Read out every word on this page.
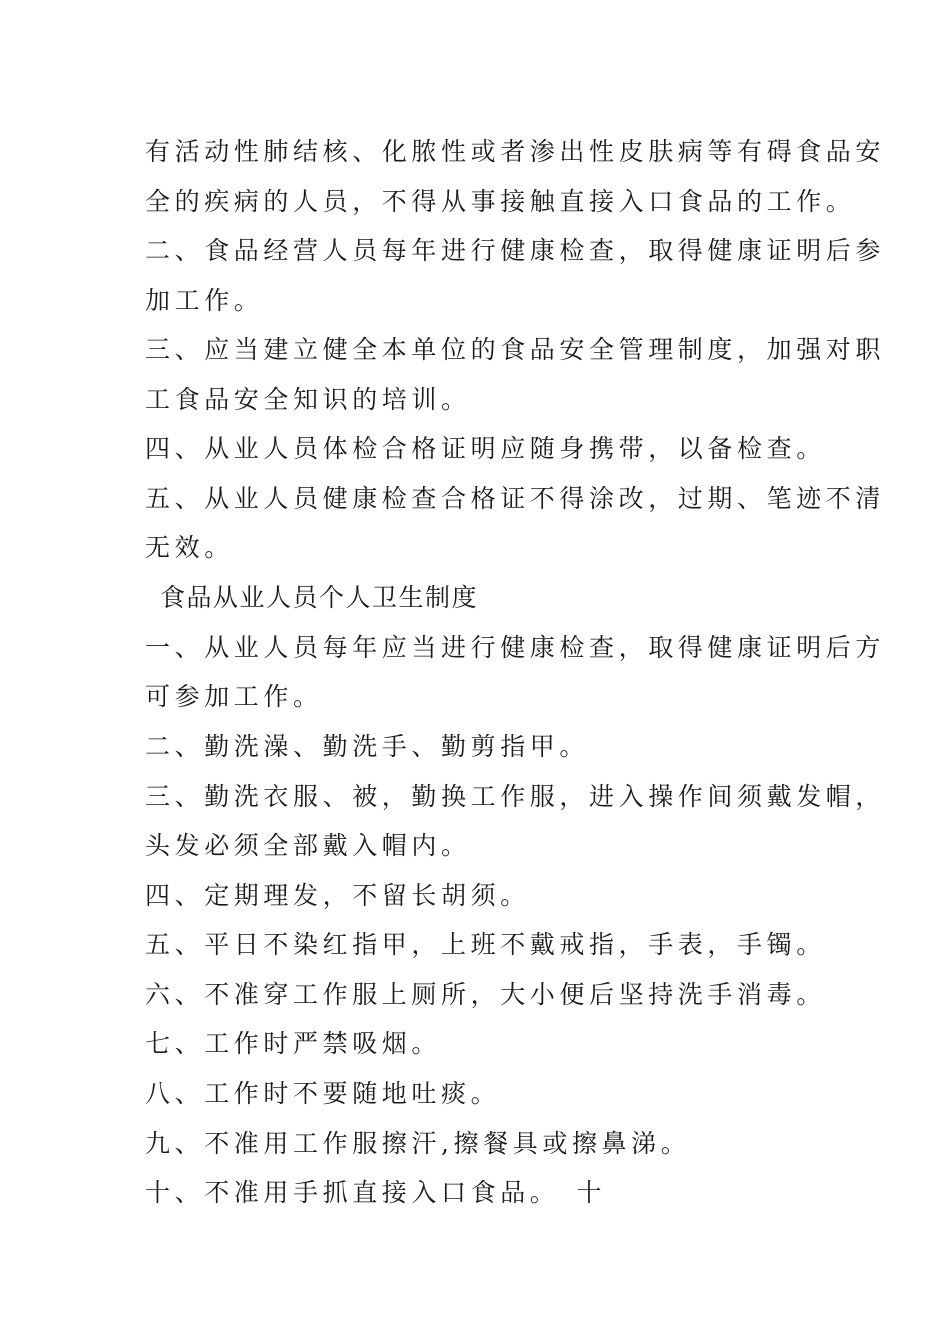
有活动性肺结核、化脓性或者渗出性皮肤病等有碍食品安
全的疾病的人员，不得从事接触直接入口食品的工作。
二、食品经营人员每年进行健康检查，取得健康证明后参
加工作。
三、应当建立健全本单位的食品安全管理制度，加强对职
工食品安全知识的培训。
四、从业人员体检合格证明应随身携带，以备检查。
五、从业人员健康检查合格证不得涂改，过期、笔迹不清
无效。
食品从业人员个人卫生制度
一、从业人员每年应当进行健康检查，取得健康证明后方
可参加工作。
二、勤洗澡、勤洗手、勤剪指甲。
三、勤洗衣服、被，勤换工作服，进入操作间须戴发帽，
头发必须全部戴入帽内。
四、定期理发，不留长胡须。
五、平日不染红指甲，上班不戴戒指，手表，手镯。
六、不准穿工作服上厕所，大小便后坚持洗手消毒。
七、工作时严禁吸烟。
八、工作时不要随地吐痰。
九、不准用工作服擦汗,擦餐具或擦鼻涕。
十、不准用手抓直接入口食品。　十
